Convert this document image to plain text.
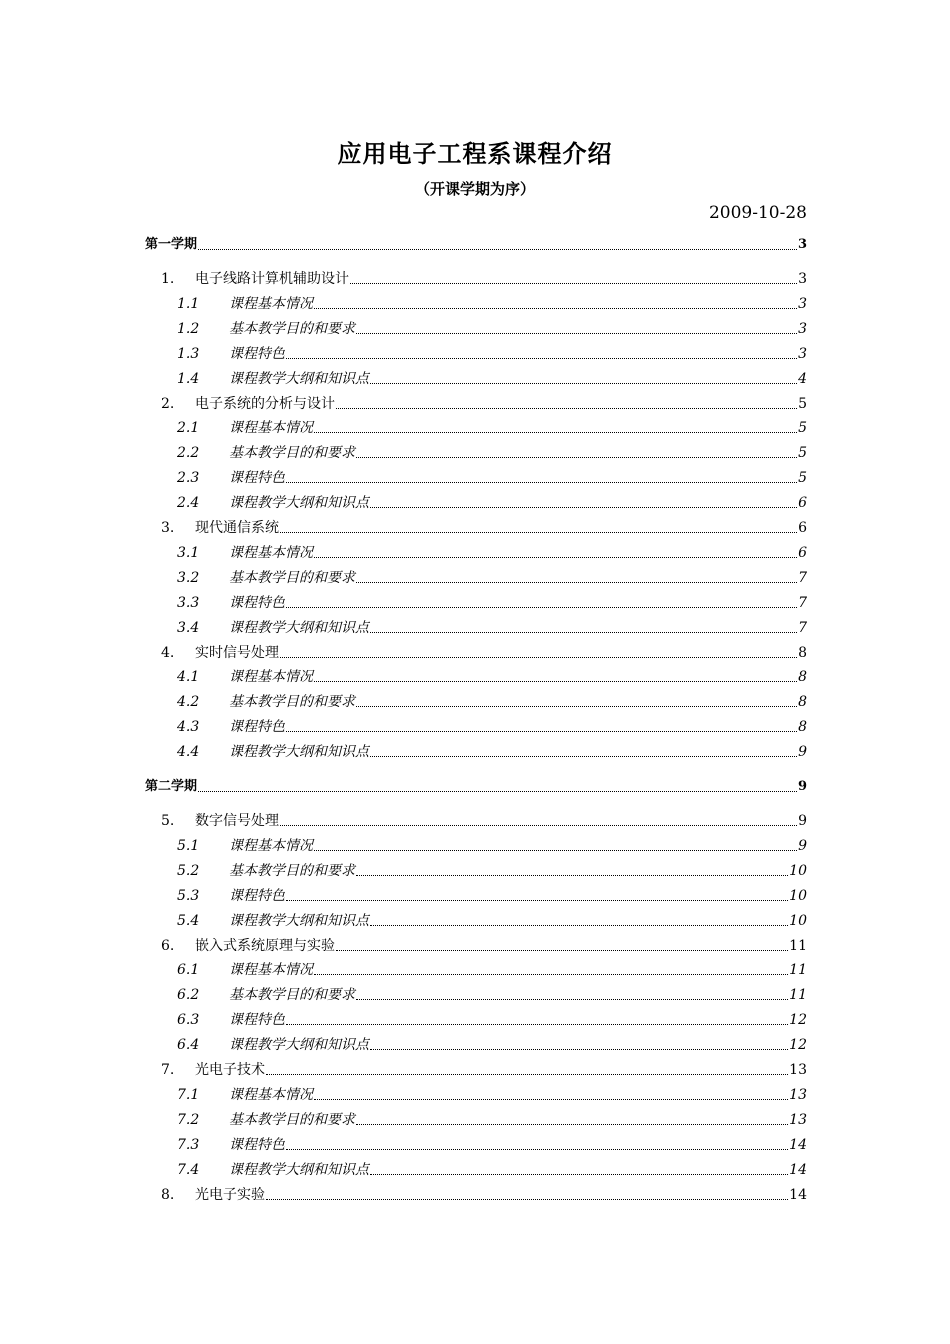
应用电子工程系课程介绍
（开课学期为序）
2009-10-28
第一学期	3
1.	电子线路计算机辅助设计	3
1.1	课程基本情况	3
1.2	基本教学目的和要求	3
1.3	课程特色	3
1.4	课程教学大纲和知识点	4
2.	电子系统的分析与设计	5
2.1	课程基本情况	5
2.2	基本教学目的和要求	5
2.3	课程特色	5
2.4	课程教学大纲和知识点	6
3.	现代通信系统	6
3.1	课程基本情况	6
3.2	基本教学目的和要求	7
3.3	课程特色	7
3.4	课程教学大纲和知识点	7
4.	实时信号处理	8
4.1	课程基本情况	8
4.2	基本教学目的和要求	8
4.3	课程特色	8
4.4	课程教学大纲和知识点	9
第二学期	9
5.	数字信号处理	9
5.1	课程基本情况	9
5.2	基本教学目的和要求	10
5.3	课程特色	10
5.4	课程教学大纲和知识点	10
6.	嵌入式系统原理与实验	11
6.1	课程基本情况	11
6.2	基本教学目的和要求	11
6.3	课程特色	12
6.4	课程教学大纲和知识点	12
7.	光电子技术	13
7.1	课程基本情况	13
7.2	基本教学目的和要求	13
7.3	课程特色	14
7.4	课程教学大纲和知识点	14
8.	光电子实验	14
